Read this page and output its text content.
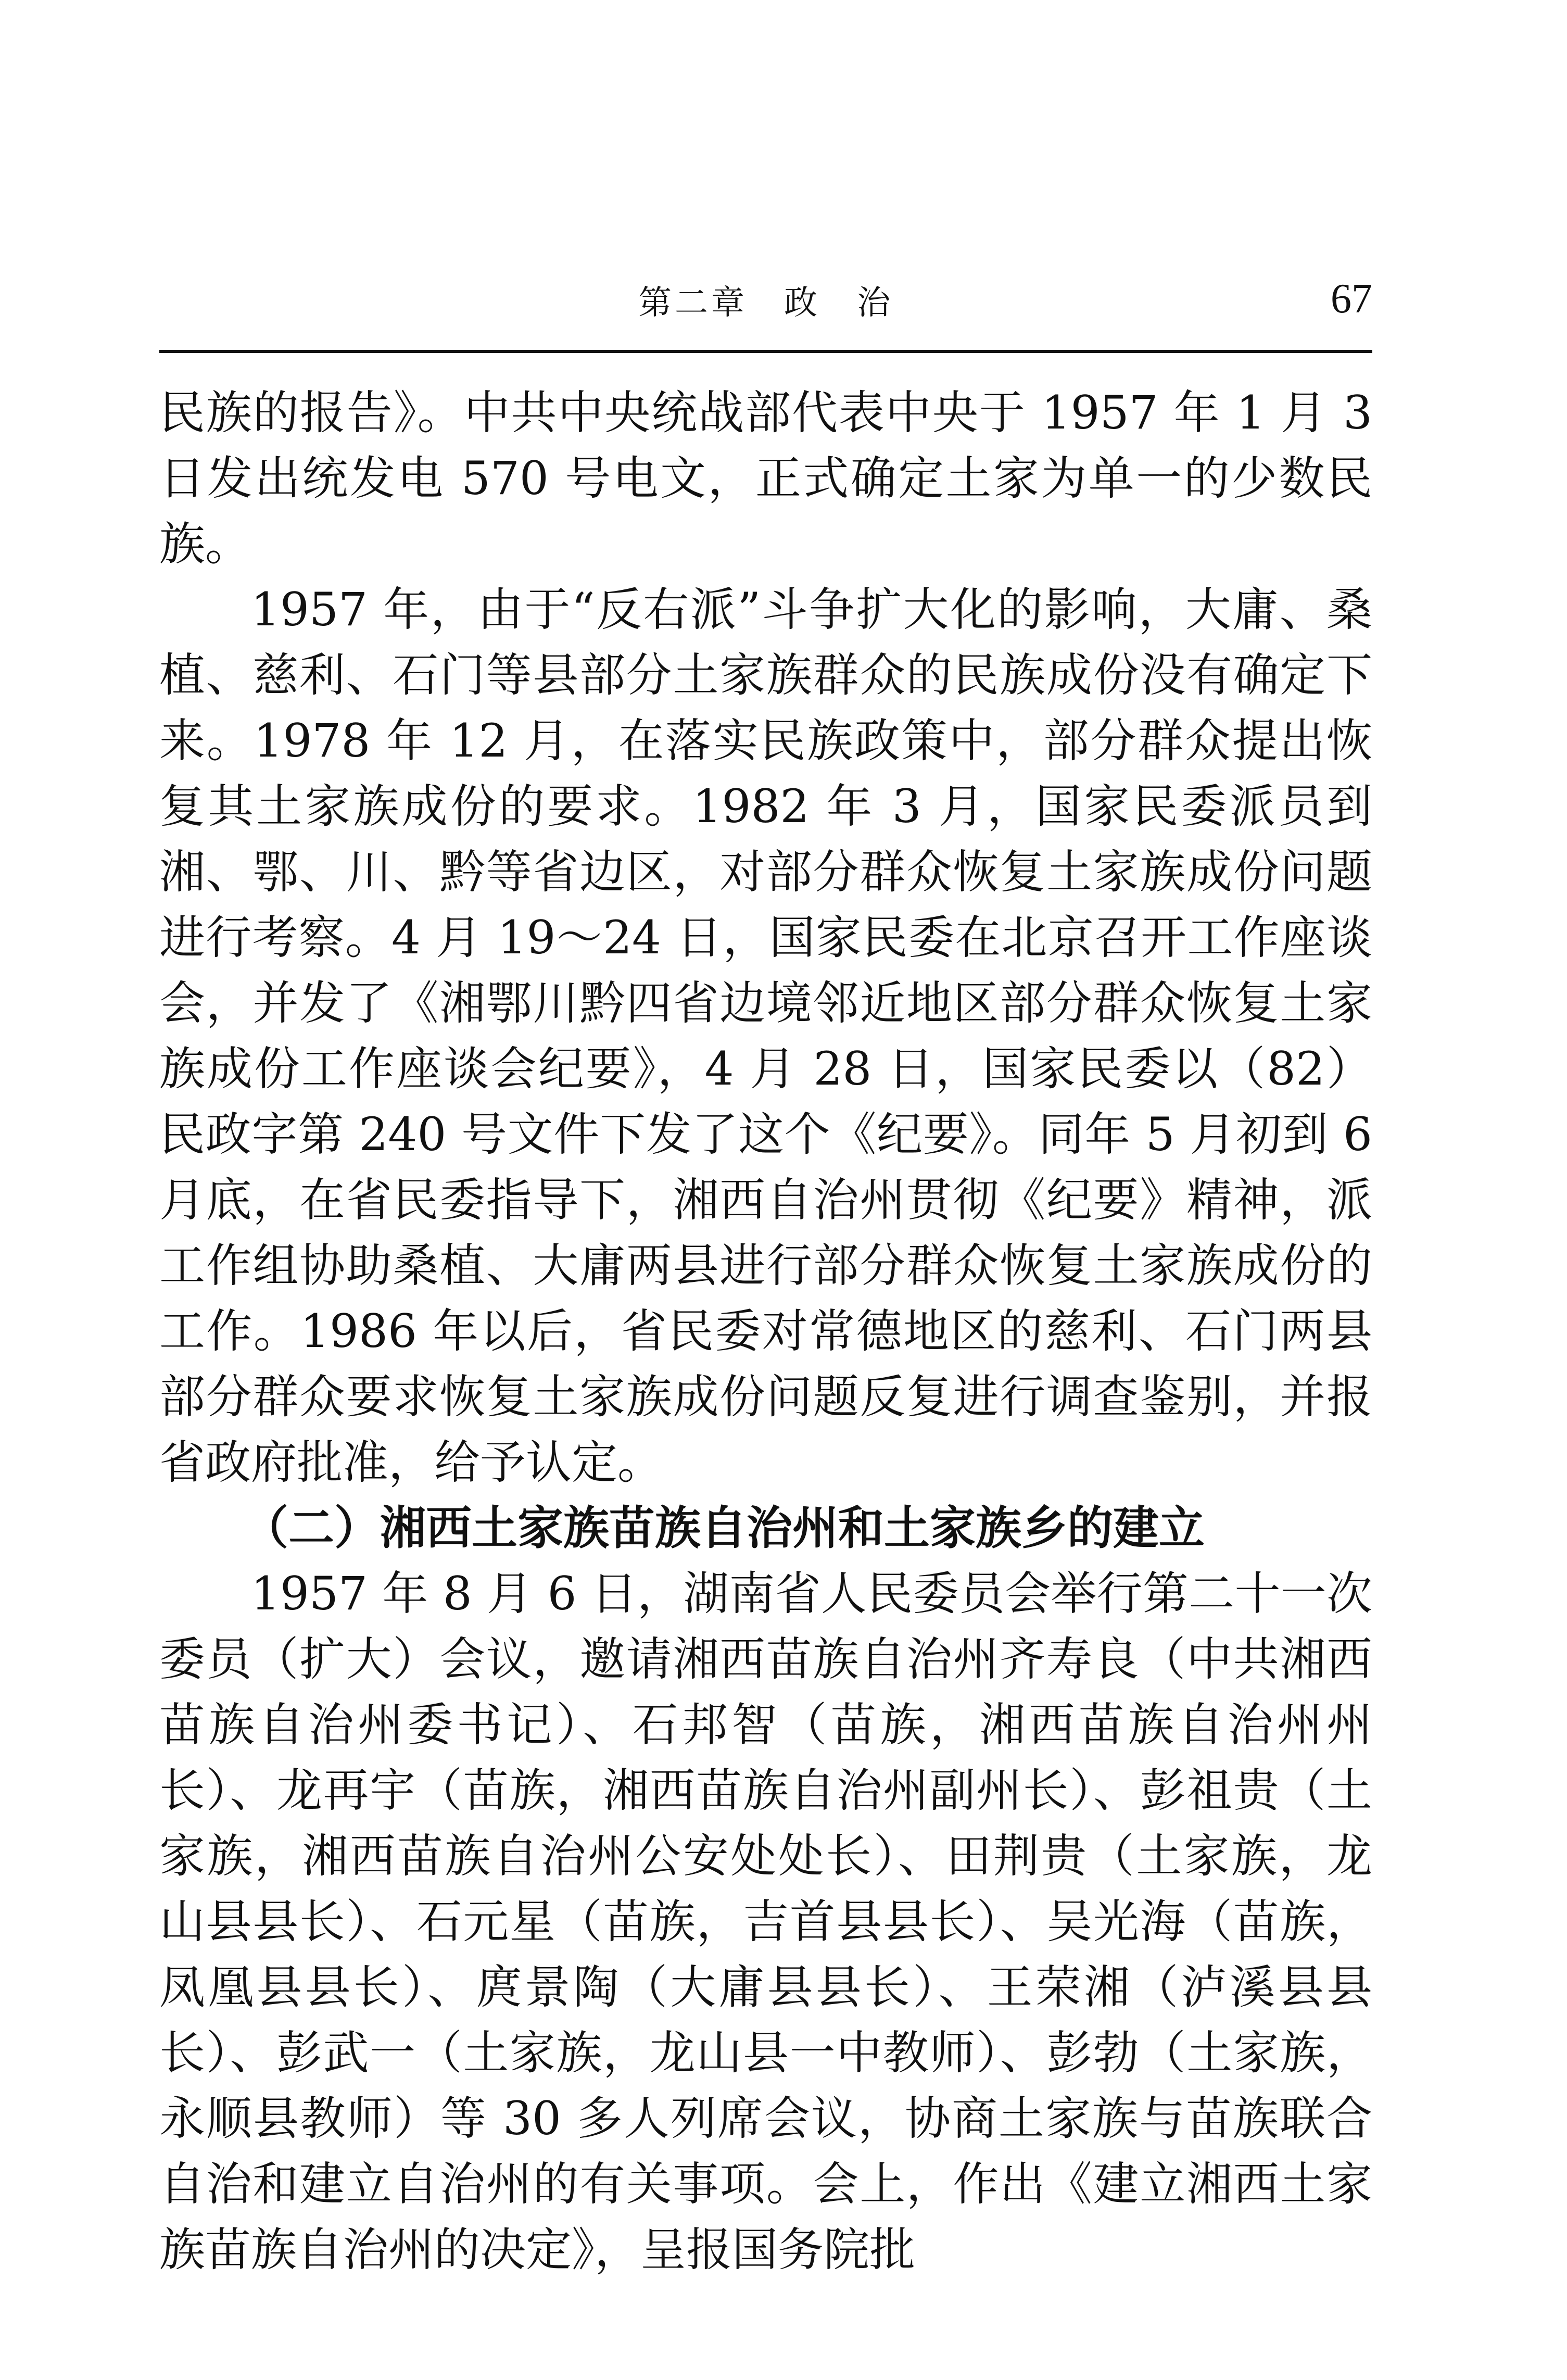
第二章　政　治	67

民族的报告》。中共中央统战部代表中央于 1957 年 1 月 3 日发出统发电 570 号电文，正式确定土家为单一的少数民族。

1957 年，由于“反右派”斗争扩大化的影响，大庸、桑植、慈利、石门等县部分土家族群众的民族成份没有确定下来。1978 年 12 月，在落实民族政策中，部分群众提出恢复其土家族成份的要求。1982 年 3 月，国家民委派员到湘、鄂、川、黔等省边区，对部分群众恢复土家族成份问题进行考察。4 月 19～24 日，国家民委在北京召开工作座谈会，并发了《湘鄂川黔四省边境邻近地区部分群众恢复土家族成份工作座谈会纪要》，4 月 28 日，国家民委以（82）民政字第 240 号文件下发了这个《纪要》。同年 5 月初到 6 月底，在省民委指导下，湘西自治州贯彻《纪要》精神，派工作组协助桑植、大庸两县进行部分群众恢复土家族成份的工作。1986 年以后，省民委对常德地区的慈利、石门两县部分群众要求恢复土家族成份问题反复进行调查鉴别，并报省政府批准，给予认定。

（二）湘西土家族苗族自治州和土家族乡的建立

1957 年 8 月 6 日，湖南省人民委员会举行第二十一次委员（扩大）会议，邀请湘西苗族自治州齐寿良（中共湘西苗族自治州委书记）、石邦智（苗族，湘西苗族自治州州长）、龙再宇（苗族，湘西苗族自治州副州长）、彭祖贵（土家族，湘西苗族自治州公安处处长）、田荆贵（土家族，龙山县县长）、石元星（苗族，吉首县县长）、吴光海（苗族，凤凰县县长）、庹景陶（大庸县县长）、王荣湘（泸溪县县长）、彭武一（土家族，龙山县一中教师）、彭勃（土家族，永顺县教师）等 30 多人列席会议，协商土家族与苗族联合自治和建立自治州的有关事项。会上，作出《建立湘西土家族苗族自治州的决定》，呈报国务院批
